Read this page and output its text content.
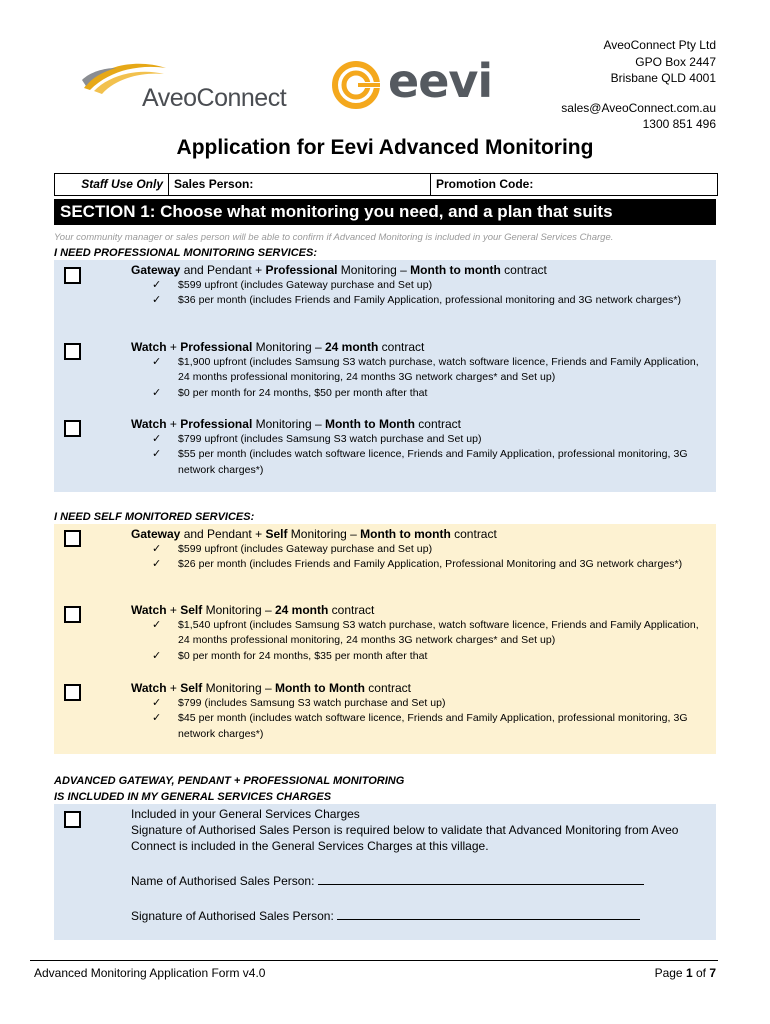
AveoConnect eevi
AveoConnect Pty Ltd
GPO Box 2447
Brisbane QLD 4001
sales@AveoConnect.com.au
1300 851 496
Application for Eevi Advanced Monitoring
Staff Use Only Sales Person:	Promotion Code:
SECTION 1: Choose what monitoring you need, and a plan that suits
Your community manager or sales person will be able to confirm if Advanced Monitoring is included in your General Services Charge.
I NEED PROFESSIONAL MONITORING SERVICES:
I NEED SELF MONITORED SERVICES:
ADVANCED GATEWAY, PENDANT + PROFESSIONAL MONITORING
IS INCLUDED IN MY GENERAL SERVICES CHARGES
Gateway and Pendant + Professional Monitoring – Month to month contract
✓ $599 upfront (includes Gateway purchase and Set up)
✓ $36 per month (includes Friends and Family Application, professional monitoring and 3G network charges*)
Watch + Professional Monitoring – 24 month contract
✓ $1,900 upfront (includes Samsung S3 watch purchase, watch software licence, Friends and Family Application, 24 months professional monitoring, 24 months 3G network charges* and Set up)
✓ $0 per month for 24 months, $50 per month after that
Watch + Professional Monitoring – Month to Month contract
✓ $799 upfront (includes Samsung S3 watch purchase and Set up)
✓ $55 per month (includes watch software licence, Friends and Family Application, professional monitoring, 3G network charges*)
Gateway and Pendant + Self Monitoring – Month to month contract
✓ $599 upfront (includes Gateway purchase and Set up)
✓ $26 per month (includes Friends and Family Application, Professional Monitoring and 3G network charges*)
Watch + Self Monitoring – 24 month contract
✓ $1,540 upfront (includes Samsung S3 watch purchase, watch software licence, Friends and Family Application, 24 months professional monitoring, 24 months 3G network charges* and Set up)
✓ $0 per month for 24 months, $35 per month after that
Watch + Self Monitoring – Month to Month contract
✓ $799 (includes Samsung S3 watch purchase and Set up)
✓ $45 per month (includes watch software licence, Friends and Family Application, professional monitoring, 3G network charges*)
Included in your General Services Charges
Signature of Authorised Sales Person is required below to validate that Advanced Monitoring from Aveo Connect is included in the General Services Charges at this village.
Name of Authorised Sales Person:
Signature of Authorised Sales Person:
Advanced Monitoring Application Form v4.0	Page 1 of 7
